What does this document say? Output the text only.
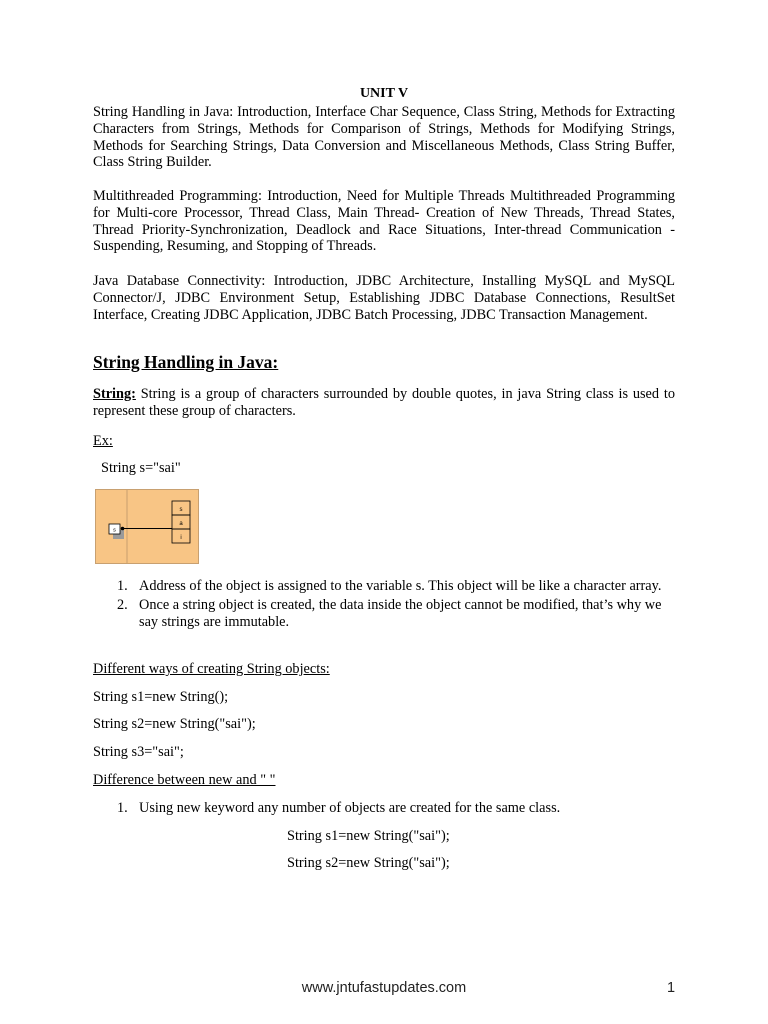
UNIT V

String Handling in Java: Introduction, Interface Char Sequence, Class String, Methods for Extracting Characters from Strings, Methods for Comparison of Strings, Methods for Modifying Strings, Methods for Searching Strings, Data Conversion and Miscellaneous Methods, Class String Buffer, Class String Builder.

Multithreaded Programming: Introduction, Need for Multiple Threads Multithreaded Programming for Multi-core Processor, Thread Class, Main Thread- Creation of New Threads, Thread States, Thread Priority-Synchronization, Deadlock and Race Situations, Inter-thread Communication - Suspending, Resuming, and Stopping of Threads.

Java Database Connectivity: Introduction, JDBC Architecture, Installing MySQL and MySQL Connector/J, JDBC Environment Setup, Establishing JDBC Database Connections, ResultSet Interface, Creating JDBC Application, JDBC Batch Processing, JDBC Transaction Management.

String Handling in Java:

String: String is a group of characters surrounded by double quotes, in java String class is used to represent these group of characters.

Ex:

String s="sai"

s
s
a
i
1. Address of the object is assigned to the variable s. This object will be like a character array.
2. Once a string object is created, the data inside the object cannot be modified, that’s why we say strings are immutable.

Different ways of creating String objects:

String s1=new String();

String s2=new String("sai");

String s3="sai";

Difference between new and " "

1. Using new keyword any number of objects are created for the same class.

String s1=new String("sai");

String s2=new String("sai");

www.jntufastupdates.com	1
